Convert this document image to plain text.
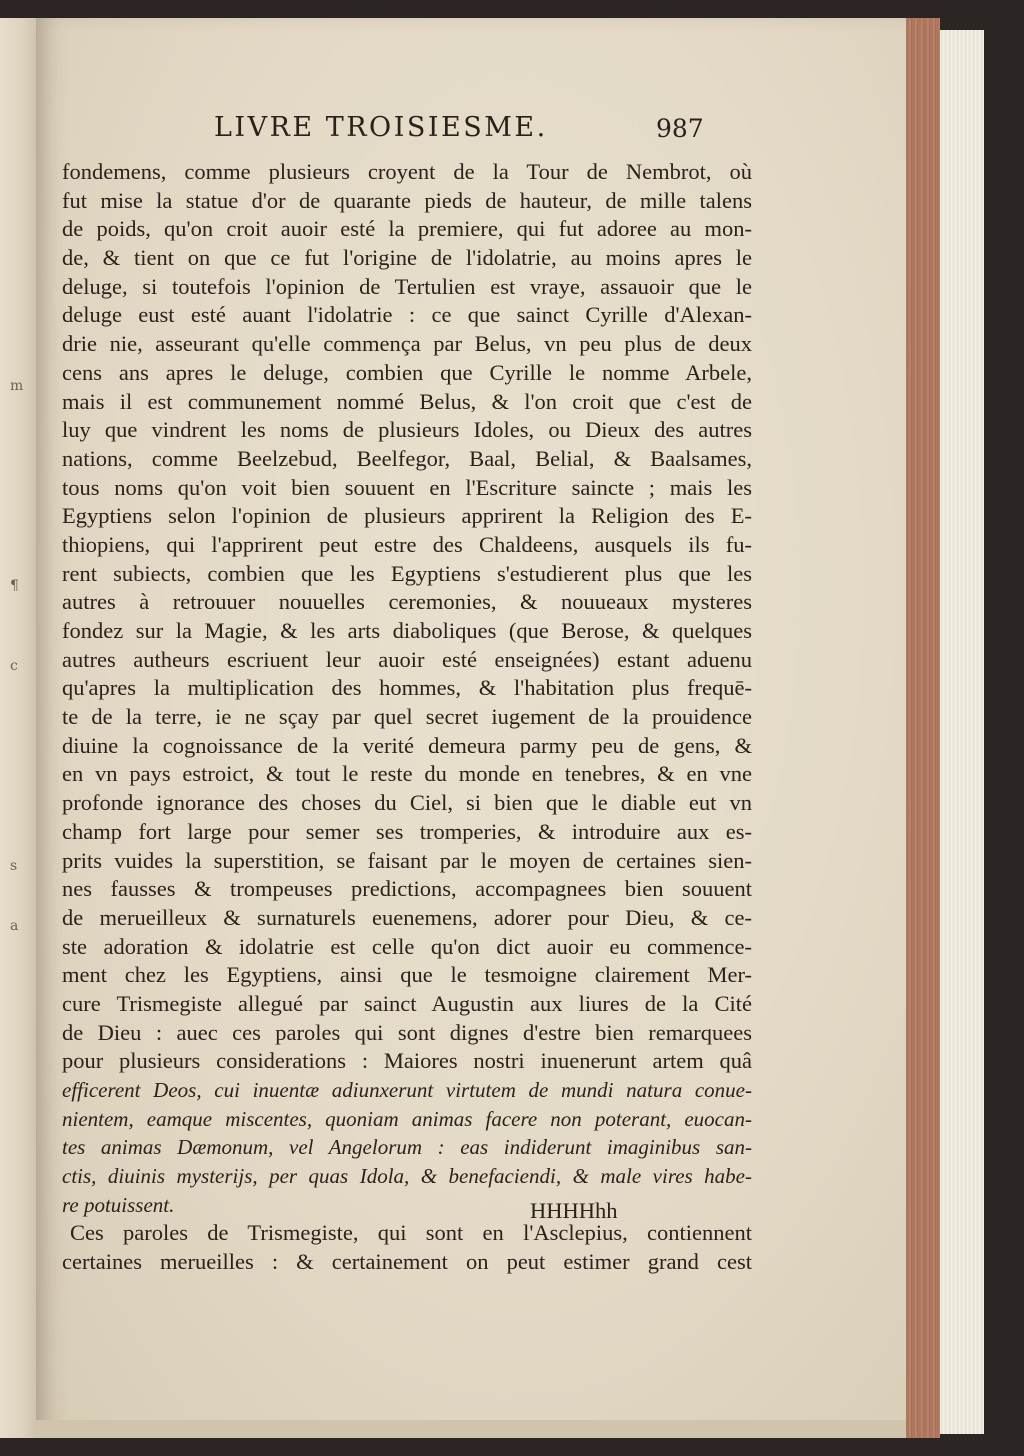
m
¶
c
s
a
LIVRE TROISIESME.	987
fondemens, comme plusieurs croyent de la Tour de Nembrot, où
fut mise la statue d'or de quarante pieds de hauteur, de mille talens
de poids, qu'on croit auoir esté la premiere, qui fut adoree au mon-
de, & tient on que ce fut l'origine de l'idolatrie, au moins apres le
deluge, si toutefois l'opinion de Tertulien est vraye, assauoir que le
deluge eust esté auant l'idolatrie : ce que sainct Cyrille d'Alexan-
drie nie, asseurant qu'elle commença par Belus, vn peu plus de deux
cens ans apres le deluge, combien que Cyrille le nomme Arbele,
mais il est communement nommé Belus, & l'on croit que c'est de
luy que vindrent les noms de plusieurs Idoles, ou Dieux des autres
nations, comme Beelzebud, Beelfegor, Baal, Belial, & Baalsames,
tous noms qu'on voit bien souuent en l'Escriture saincte ; mais les
Egyptiens selon l'opinion de plusieurs apprirent la Religion des E-
thiopiens, qui l'apprirent peut estre des Chaldeens, ausquels ils fu-
rent subiects, combien que les Egyptiens s'estudierent plus que les
autres à retrouuer nouuelles ceremonies, & nouueaux mysteres
fondez sur la Magie, & les arts diaboliques (que Berose, & quelques
autres autheurs escriuent leur auoir esté enseignées) estant aduenu
qu'apres la multiplication des hommes, & l'habitation plus frequē-
te de la terre, ie ne sçay par quel secret iugement de la prouidence
diuine la cognoissance de la verité demeura parmy peu de gens, &
en vn pays estroict, & tout le reste du monde en tenebres, & en vne
profonde ignorance des choses du Ciel, si bien que le diable eut vn
champ fort large pour semer ses tromperies, & introduire aux es-
prits vuides la superstition, se faisant par le moyen de certaines sien-
nes fausses & trompeuses predictions, accompagnees bien souuent
de merueilleux & surnaturels euenemens, adorer pour Dieu, & ce-
ste adoration & idolatrie est celle qu'on dict auoir eu commence-
ment chez les Egyptiens, ainsi que le tesmoigne clairement Mer-
cure Trismegiste allegué par sainct Augustin aux liures de la Cité
de Dieu : auec ces paroles qui sont dignes d'estre bien remarquees
pour plusieurs considerations : Maiores nostri inuenerunt artem quâ
efficerent Deos, cui inuentæ adiunxerunt virtutem de mundi natura conue-
nientem, eamque miscentes, quoniam animas facere non poterant, euocan-
tes animas Dæmonum, vel Angelorum : eas indiderunt imaginibus san-
ctis, diuinis mysterijs, per quas Idola, & benefaciendi, & male vires habe-
re potuissent.
Ces paroles de Trismegiste, qui sont en l'Asclepius, contiennent
certaines merueilles : & certainement on peut estimer grand cest
HHHHhh
